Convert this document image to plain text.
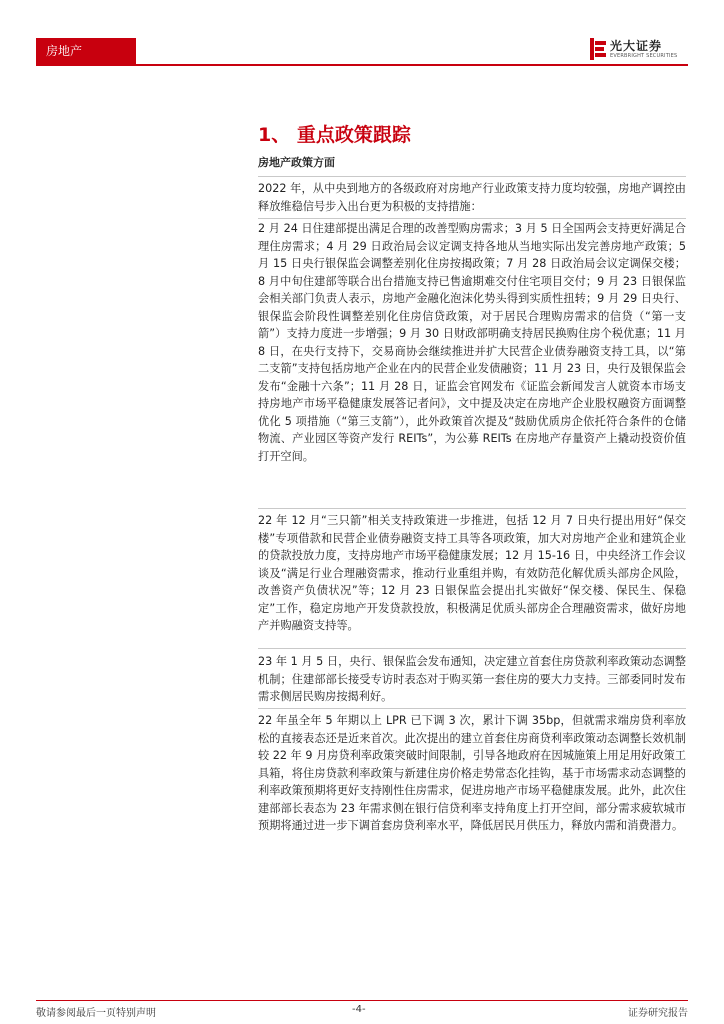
房地产	光大证券
EVERBRIGHT SECURITIES
1、 重点政策跟踪
房地产政策方面

2022 年，从中央到地方的各级政府对房地产行业政策支持力度均较强，房地产调控由释放维稳信号步入出台更为积极的支持措施：

2 月 24 日住建部提出满足合理的改善型购房需求；3 月 5 日全国两会支持更好满足合理住房需求；4 月 29 日政治局会议定调支持各地从当地实际出发完善房地产政策；5 月 15 日央行银保监会调整差别化住房按揭政策；7 月 28 日政治局会议定调保交楼；8 月中旬住建部等联合出台措施支持已售逾期难交付住宅项目交付；9 月 23 日银保监会相关部门负责人表示，房地产金融化泡沫化势头得到实质性扭转；9 月 29 日央行、银保监会阶段性调整差别化住房信贷政策，对于居民合理购房需求的信贷（“第一支箭”）支持力度进一步增强；9 月 30 日财政部明确支持居民换购住房个税优惠；11 月 8 日，在央行支持下，交易商协会继续推进并扩大民营企业债券融资支持工具，以“第二支箭”支持包括房地产企业在内的民营企业发债融资；11 月 23 日，央行及银保监会发布“金融十六条”；11 月 28 日，证监会官网发布《证监会新闻发言人就资本市场支持房地产市场平稳健康发展答记者问》，文中提及决定在房地产企业股权融资方面调整优化 5 项措施（“第三支箭”），此外政策首次提及“鼓励优质房企依托符合条件的仓储物流、产业园区等资产发行 REITs”，为公募 REITs 在房地产存量资产上撬动投资价值打开空间。

22 年 12 月“三只箭”相关支持政策进一步推进，包括 12 月 7 日央行提出用好“保交楼”专项借款和民营企业债券融资支持工具等各项政策，加大对房地产企业和建筑企业的贷款投放力度，支持房地产市场平稳健康发展；12 月 15-16 日，中央经济工作会议谈及“满足行业合理融资需求，推动行业重组并购，有效防范化解优质头部房企风险，改善资产负债状况”等；12 月 23 日银保监会提出扎实做好“保交楼、保民生、保稳定”工作，稳定房地产开发贷款投放，积极满足优质头部房企合理融资需求，做好房地产并购融资支持等。

23 年 1 月 5 日，央行、银保监会发布通知，决定建立首套住房贷款利率政策动态调整机制；住建部部长接受专访时表态对于购买第一套住房的要大力支持。三部委同时发布需求侧居民购房按揭利好。

22 年虽全年 5 年期以上 LPR 已下调 3 次，累计下调 35bp，但就需求端房贷利率放松的直接表态还是近来首次。此次提出的建立首套住房商贷利率政策动态调整长效机制较 22 年 9 月房贷利率政策突破时间限制，引导各地政府在因城施策上用足用好政策工具箱，将住房贷款利率政策与新建住房价格走势常态化挂钩，基于市场需求动态调整的利率政策预期将更好支持刚性住房需求，促进房地产市场平稳健康发展。此外，此次住建部部长表态为 23 年需求侧在银行信贷利率支持角度上打开空间，部分需求疲软城市预期将通过进一步下调首套房贷利率水平，降低居民月供压力，释放内需和消费潜力。

敬请参阅最后一页特别声明	-4-	证券研究报告
